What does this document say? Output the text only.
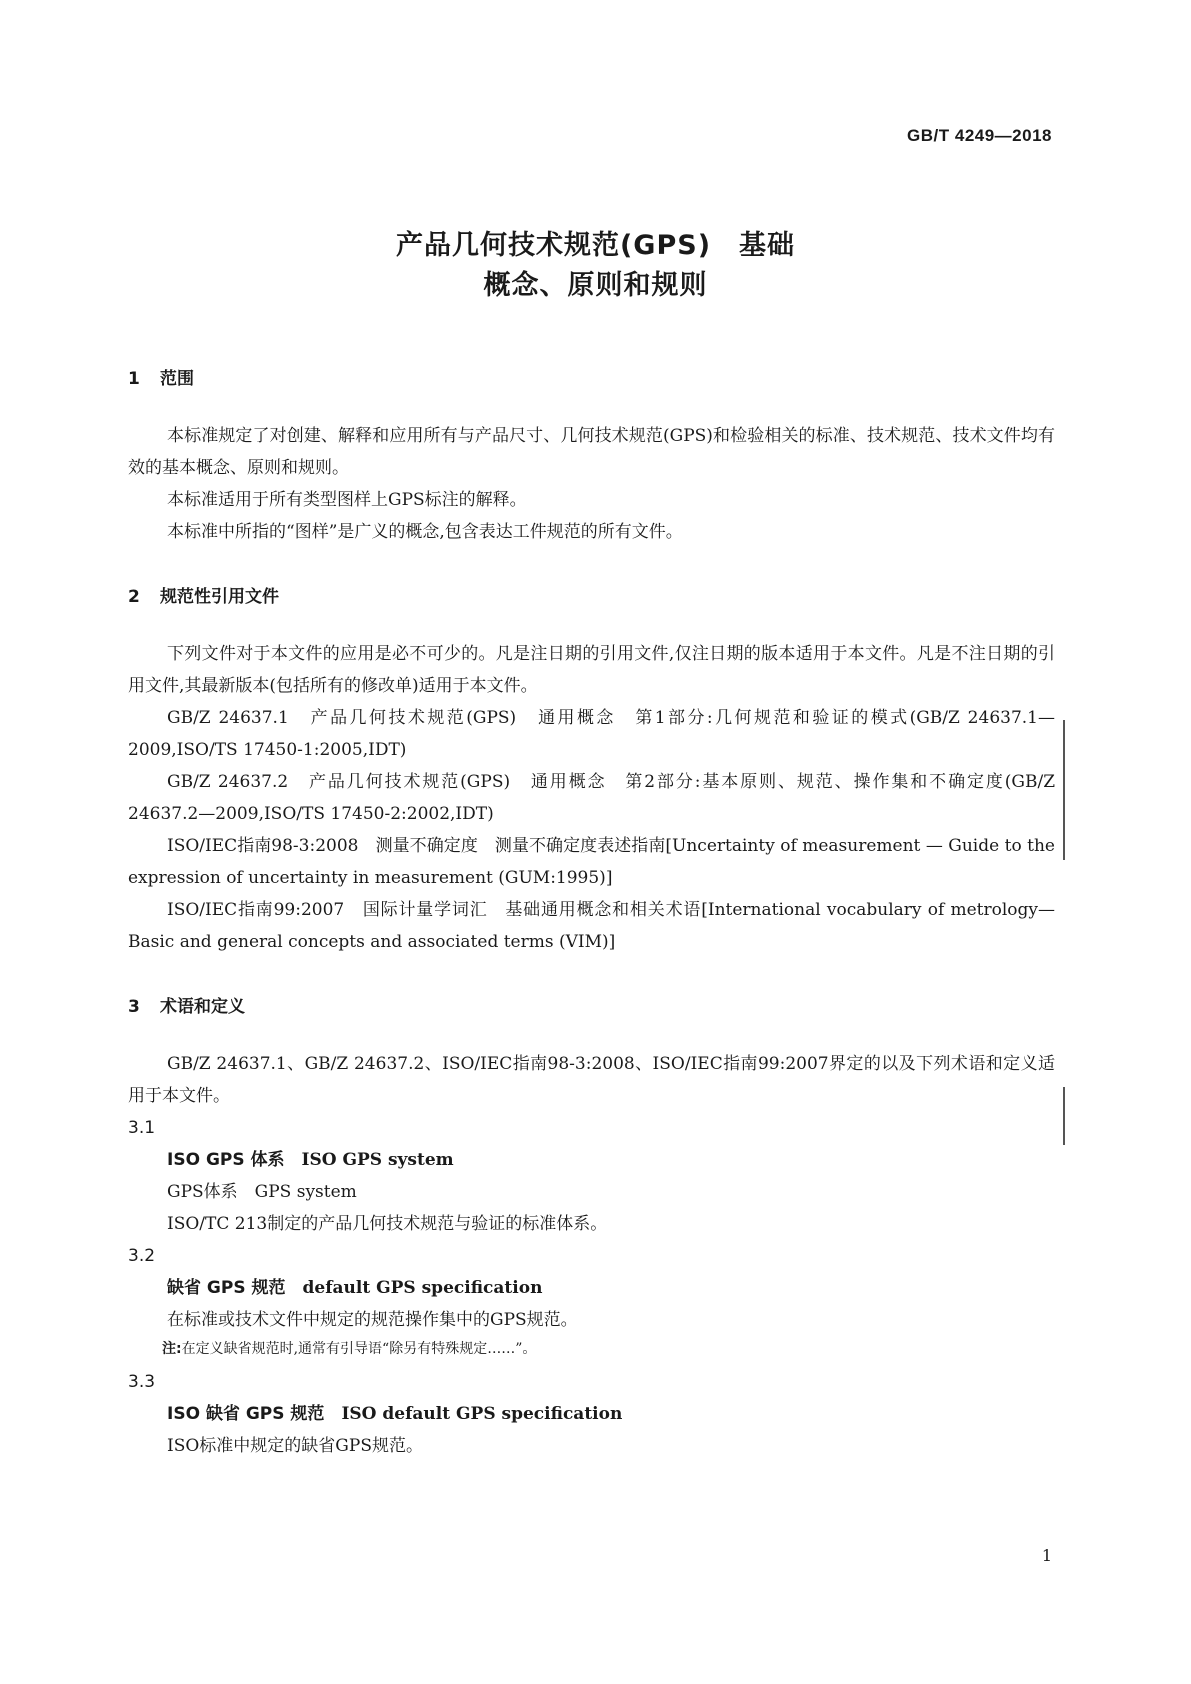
GB/T 4249—2018
产品几何技术规范(GPS)　基础
概念、原则和规则
1 范围

本标准规定了对创建、解释和应用所有与产品尺寸、几何技术规范(GPS)和检验相关的标准、技术规范、技术文件均有效的基本概念、原则和规则。

本标准适用于所有类型图样上GPS标注的解释。

本标准中所指的“图样”是广义的概念,包含表达工件规范的所有文件。

2 规范性引用文件

下列文件对于本文件的应用是必不可少的。凡是注日期的引用文件,仅注日期的版本适用于本文件。凡是不注日期的引用文件,其最新版本(包括所有的修改单)适用于本文件。

GB/Z 24637.1　产品几何技术规范(GPS)　通用概念　第1部分:几何规范和验证的模式(GB/Z 24637.1—2009,ISO/TS 17450-1:2005,IDT)

GB/Z 24637.2　产品几何技术规范(GPS)　通用概念　第2部分:基本原则、规范、操作集和不确定度(GB/Z 24637.2—2009,ISO/TS 17450-2:2002,IDT)

ISO/IEC指南98-3:2008　测量不确定度　测量不确定度表述指南[Uncertainty of measurement — Guide to the expression of uncertainty in measurement (GUM:1995)]

ISO/IEC指南99:2007　国际计量学词汇　基础通用概念和相关术语[International vocabulary of metrology—Basic and general concepts and associated terms (VIM)]

3 术语和定义

GB/Z 24637.1、GB/Z 24637.2、ISO/IEC指南98-3:2008、ISO/IEC指南99:2007界定的以及下列术语和定义适用于本文件。

3.1

ISO GPS 体系　 ISO GPS system

GPS体系　GPS system

ISO/TC 213制定的产品几何技术规范与验证的标准体系。

3.2

缺省 GPS 规范　 default GPS specification

在标准或技术文件中规定的规范操作集中的GPS规范。

注:在定义缺省规范时,通常有引导语“除另有特殊规定……”。

3.3

ISO 缺省 GPS 规范　 ISO default GPS specification

ISO标准中规定的缺省GPS规范。

1
